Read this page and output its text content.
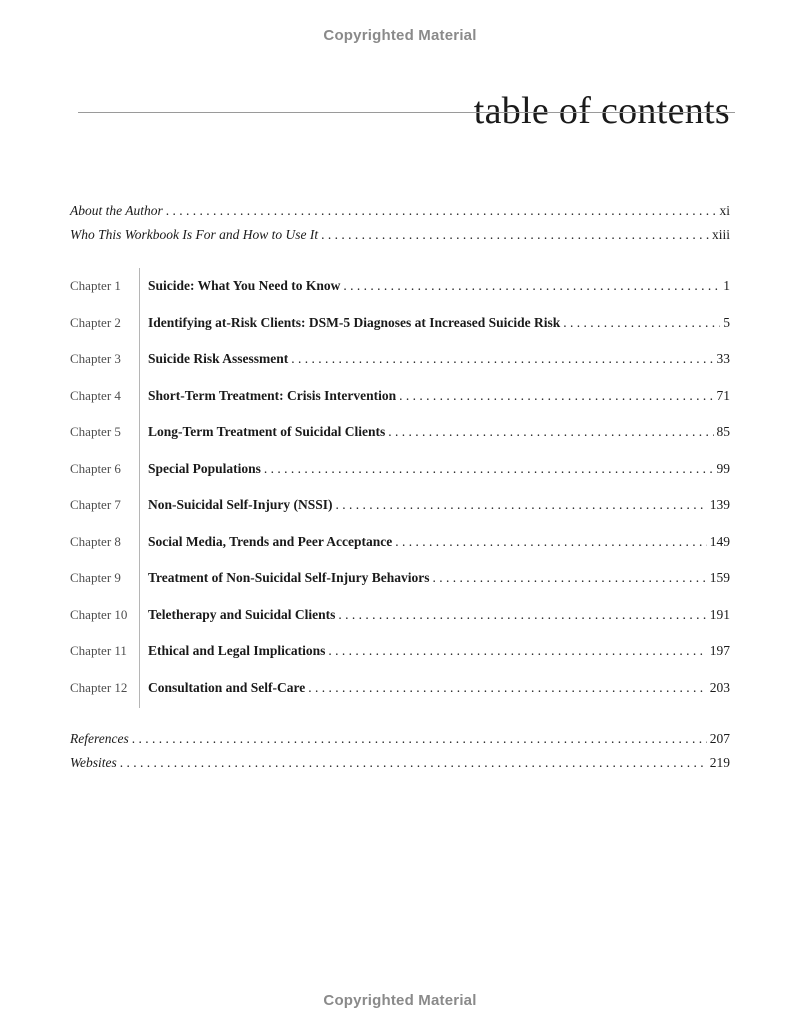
Copyrighted Material
table of contents
About the Author . . .	xi
Who This Workbook Is For and How to Use It . . .	xiii
Chapter 1 Suicide: What You Need to Know . . .	1
Chapter 2 Identifying at-Risk Clients: DSM-5 Diagnoses at Increased Suicide Risk . . .	5
Chapter 3 Suicide Risk Assessment . . .	33
Chapter 4 Short-Term Treatment: Crisis Intervention . . .	71
Chapter 5 Long-Term Treatment of Suicidal Clients . . .	85
Chapter 6 Special Populations . . .	99
Chapter 7 Non-Suicidal Self-Injury (NSSI) . . .	139
Chapter 8 Social Media, Trends and Peer Acceptance . . .	149
Chapter 9 Treatment of Non-Suicidal Self-Injury Behaviors . . .	159
Chapter 10 Teletherapy and Suicidal Clients . . .	191
Chapter 11 Ethical and Legal Implications . . .	197
Chapter 12 Consultation and Self-Care . . .	203
References . . .	207
Websites . . .	219
Copyrighted Material
